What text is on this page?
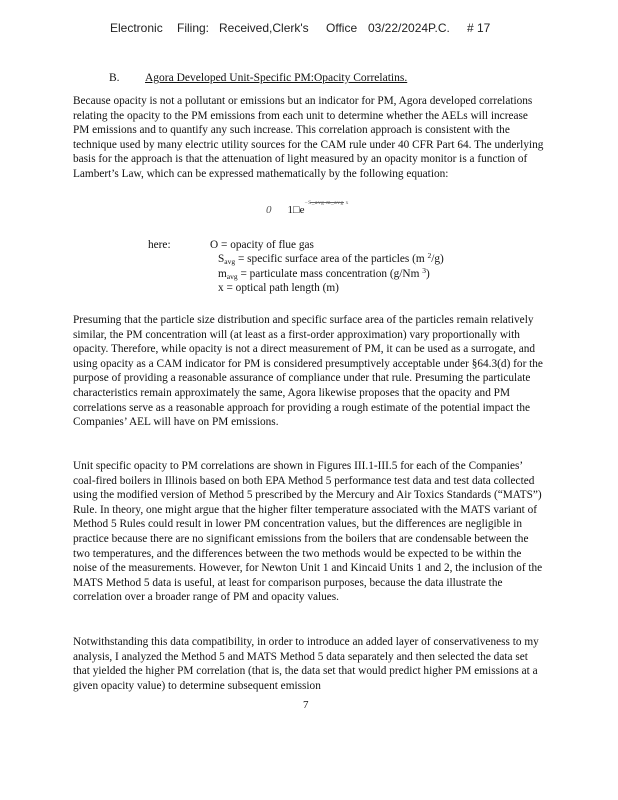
Electronic Filing: Received,Clerk's Office 03/22/2024P.C. # 17
B. Agora Developed Unit-Specific PM:Opacity Correlatins.

Because opacity is not a pollutant or emissions but an indicator for PM, Agora developed correlations relating the opacity to the PM emissions from each unit to determine whether the AELs will increase PM emissions and to quantify any such increase. This correlation approach is consistent with the technique used by many electric utility sources for the CAM rule under 40 CFR Part 64. The underlying basis for the approach is that the attenuation of light measured by an opacity monitor is a function of Lambert’s Law, which can be expressed mathematically by the following equation:

0 $1□e^{-S\_avg m\_avg x}$
here:	O = opacity of flue gas
Savg = specific surface area of the particles (m $^2$/g)
mavg = particulate mass concentration (g/Nm $^3$)
x = optical path length (m)

Presuming that the particle size distribution and specific surface area of the particles remain relatively similar, the PM concentration will (at least as a first-order approximation) vary proportionally with opacity. Therefore, while opacity is not a direct measurement of PM, it can be used as a surrogate, and using opacity as a CAM indicator for PM is considered presumptively acceptable under §64.3(d) for the purpose of providing a reasonable assurance of compliance under that rule. Presuming the particulate characteristics remain approximately the same, Agora likewise proposes that the opacity and PM correlations serve as a reasonable approach for providing a rough estimate of the potential impact the Companies’ AEL will have on PM emissions.

Unit specific opacity to PM correlations are shown in Figures III.1-III.5 for each of the Companies’ coal-fired boilers in Illinois based on both EPA Method 5 performance test data and test data collected using the modified version of Method 5 prescribed by the Mercury and Air Toxics Standards (“MATS”) Rule. In theory, one might argue that the higher filter temperature associated with the MATS variant of Method 5 Rules could result in lower PM concentration values, but the differences are negligible in practice because there are no significant emissions from the boilers that are condensable between the two temperatures, and the differences between the two methods would be expected to be within the noise of the measurements. However, for Newton Unit 1 and Kincaid Units 1 and 2, the inclusion of the MATS Method 5 data is useful, at least for comparison purposes, because the data illustrate the correlation over a broader range of PM and opacity values.

Notwithstanding this data compatibility, in order to introduce an added layer of conservativeness to my analysis, I analyzed the Method 5 and MATS Method 5 data separately and then selected the data set that yielded the higher PM correlation (that is, the data set that would predict higher PM emissions at a given opacity value) to determine subsequent emission

7
